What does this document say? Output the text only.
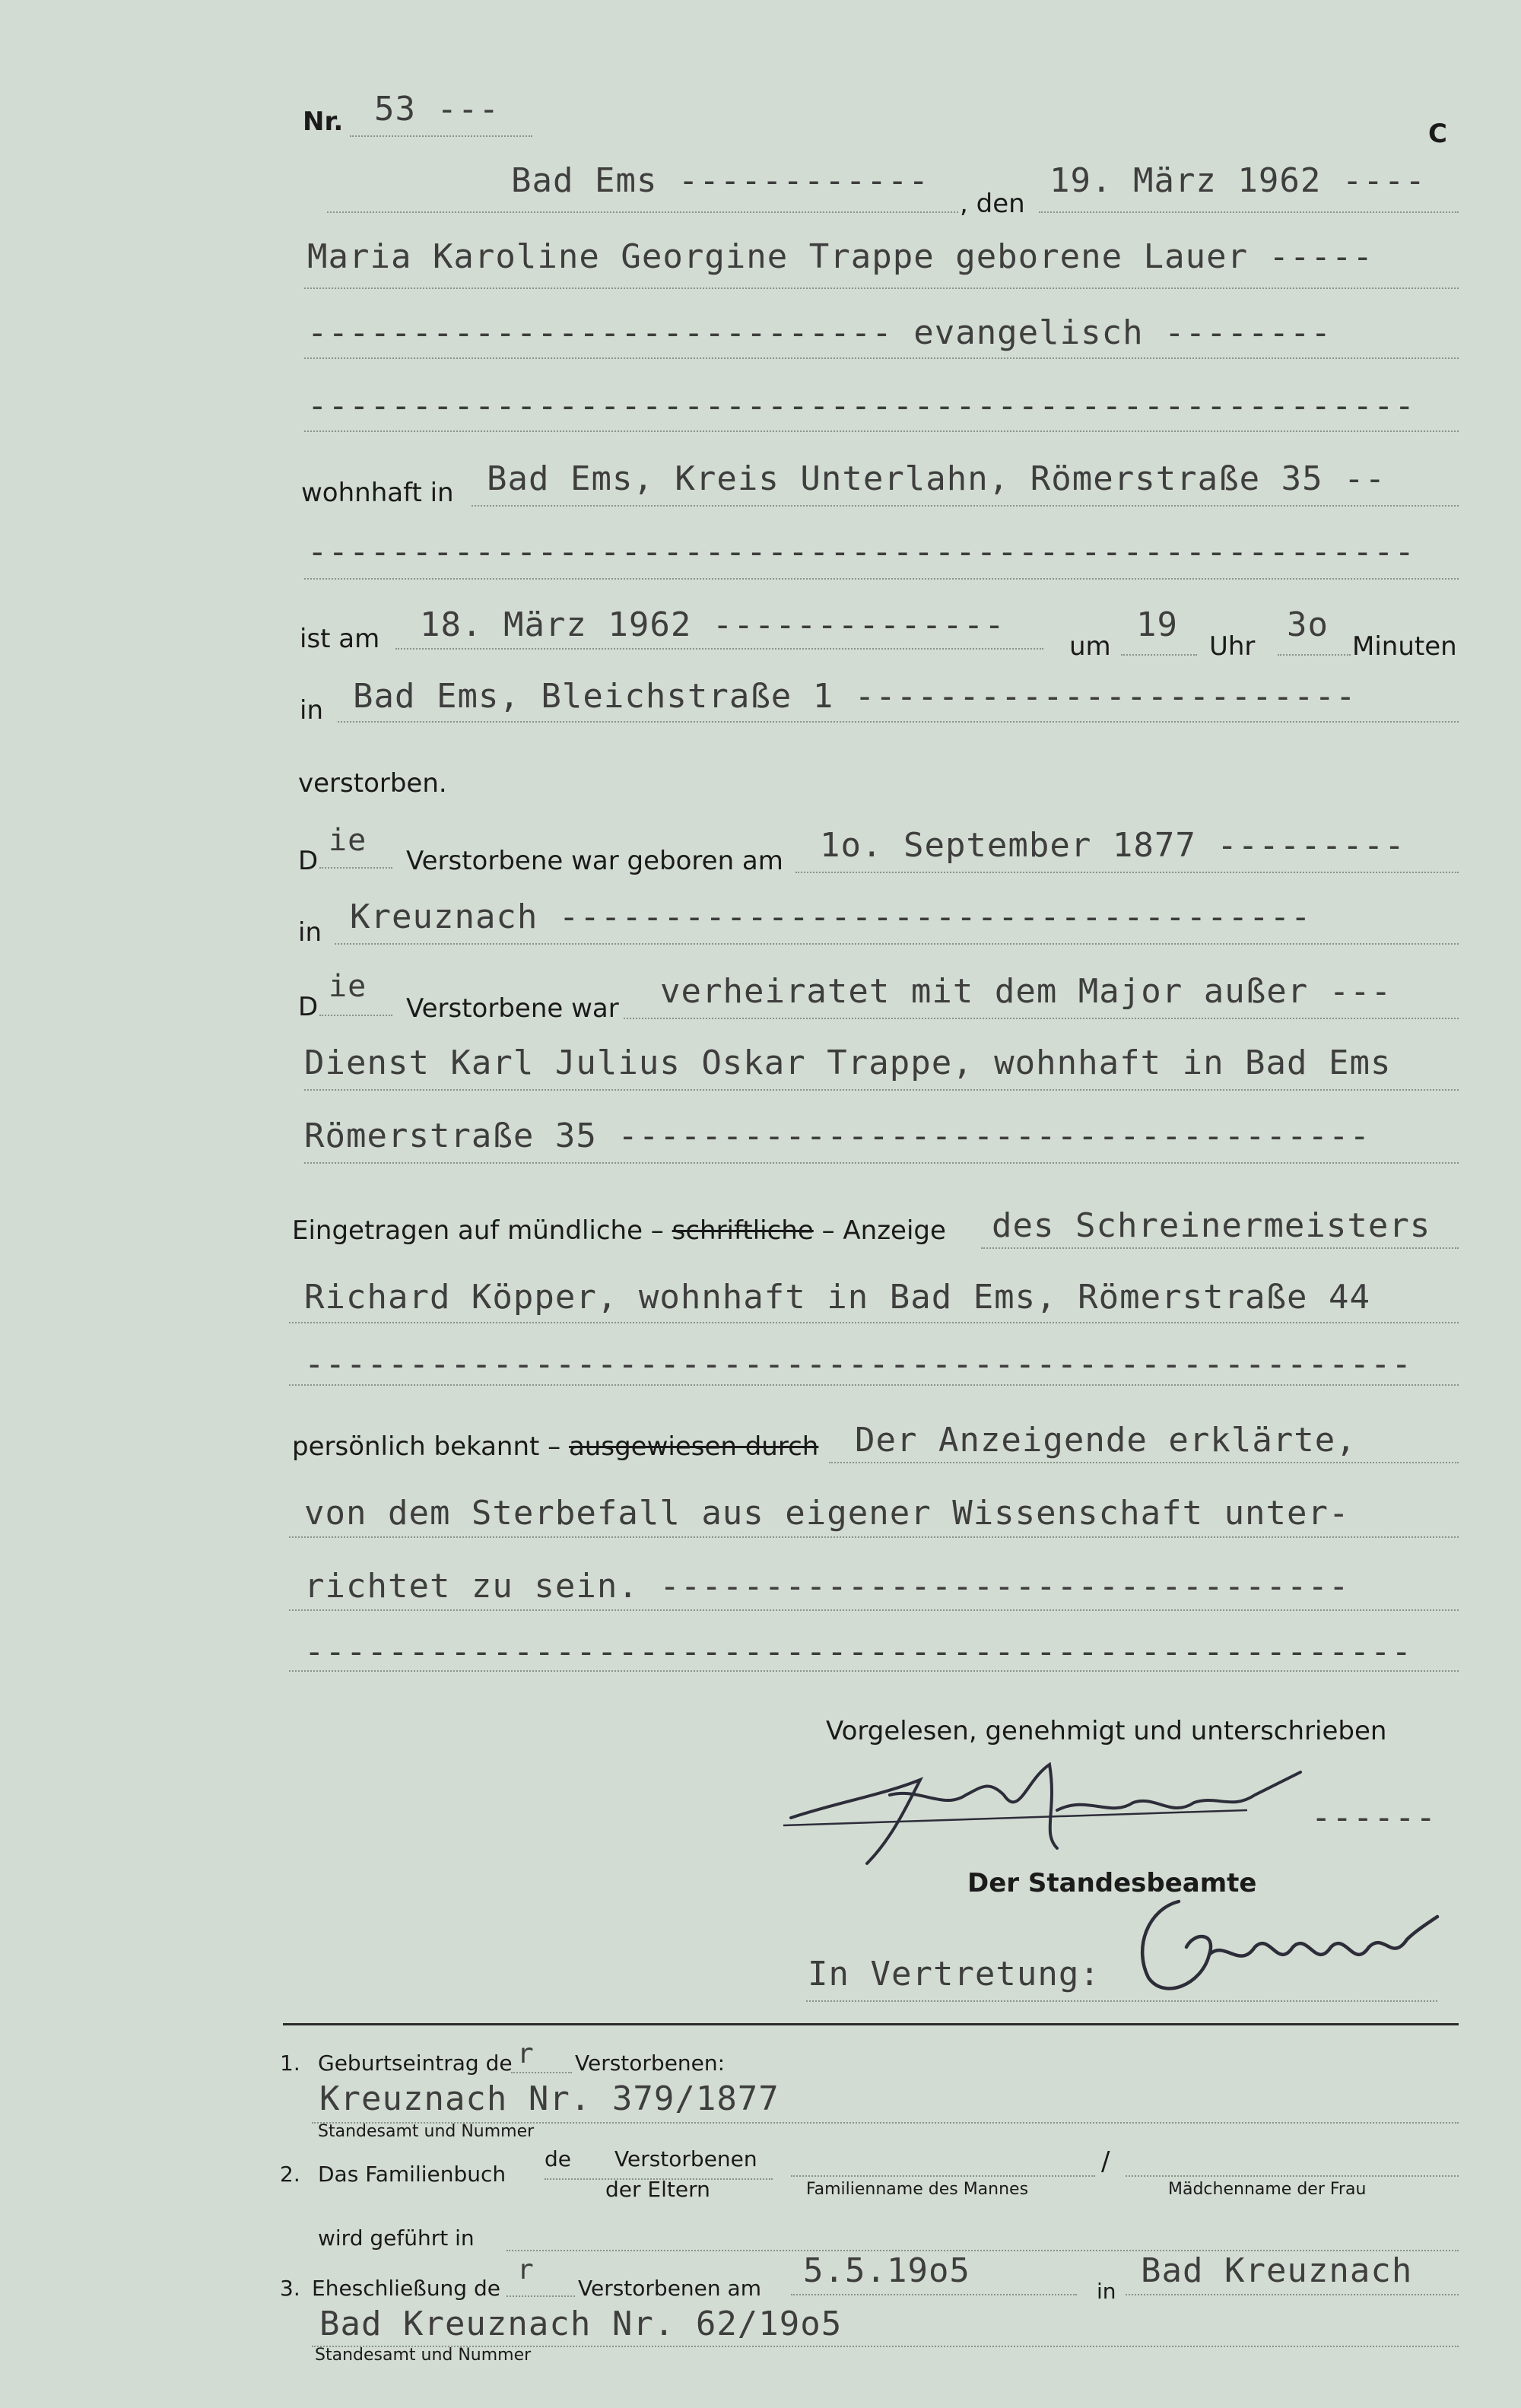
Nr. 53 ---
C
Bad Ems ------------
, den
19. März 1962 ----
Maria Karoline Georgine Trappe geborene Lauer -----
---------------------------- evangelisch --------
-----------------------------------------------------
wohnhaft in Bad Ems, Kreis Unterlahn, Römerstraße 35 --
-----------------------------------------------------
ist am 18. März 1962 --------------
um
19
Uhr
3o
Minuten
in Bad Ems, Bleichstraße 1 ------------------------
verstorben.
D
ie
Verstorbene war geboren am 1o. September 1877 ---------
in Kreuznach ------------------------------------
D
ie
Verstorbene war verheiratet mit dem Major außer ---
Dienst Karl Julius Oskar Trappe, wohnhaft in Bad Ems
Römerstraße 35 ------------------------------------
Eingetragen auf mündliche – schriftliche – Anzeige des Schreinermeisters
Richard Köpper, wohnhaft in Bad Ems, Römerstraße 44
-----------------------------------------------------
persönlich bekannt – ausgewiesen durch Der Anzeigende erklärte,
von dem Sterbefall aus eigener Wissenschaft unter-
richtet zu sein. ---------------------------------
-----------------------------------------------------
Vorgelesen, genehmigt und unterschrieben
------
Der Standesbeamte
In Vertretung:
1. Geburtseintrag de r Verstorbenen:
Kreuznach Nr. 379/1877
Standesamt und Nummer
2. Das Familienbuch
de Verstorbenen
der Eltern	Familienname des Mannes
/
Mädchenname der Frau
wird geführt in
3. Eheschließung de
r
Verstorbenen am 5.5.19o5
in
Bad Kreuznach
Bad Kreuznach Nr. 62/19o5
Standesamt und Nummer
